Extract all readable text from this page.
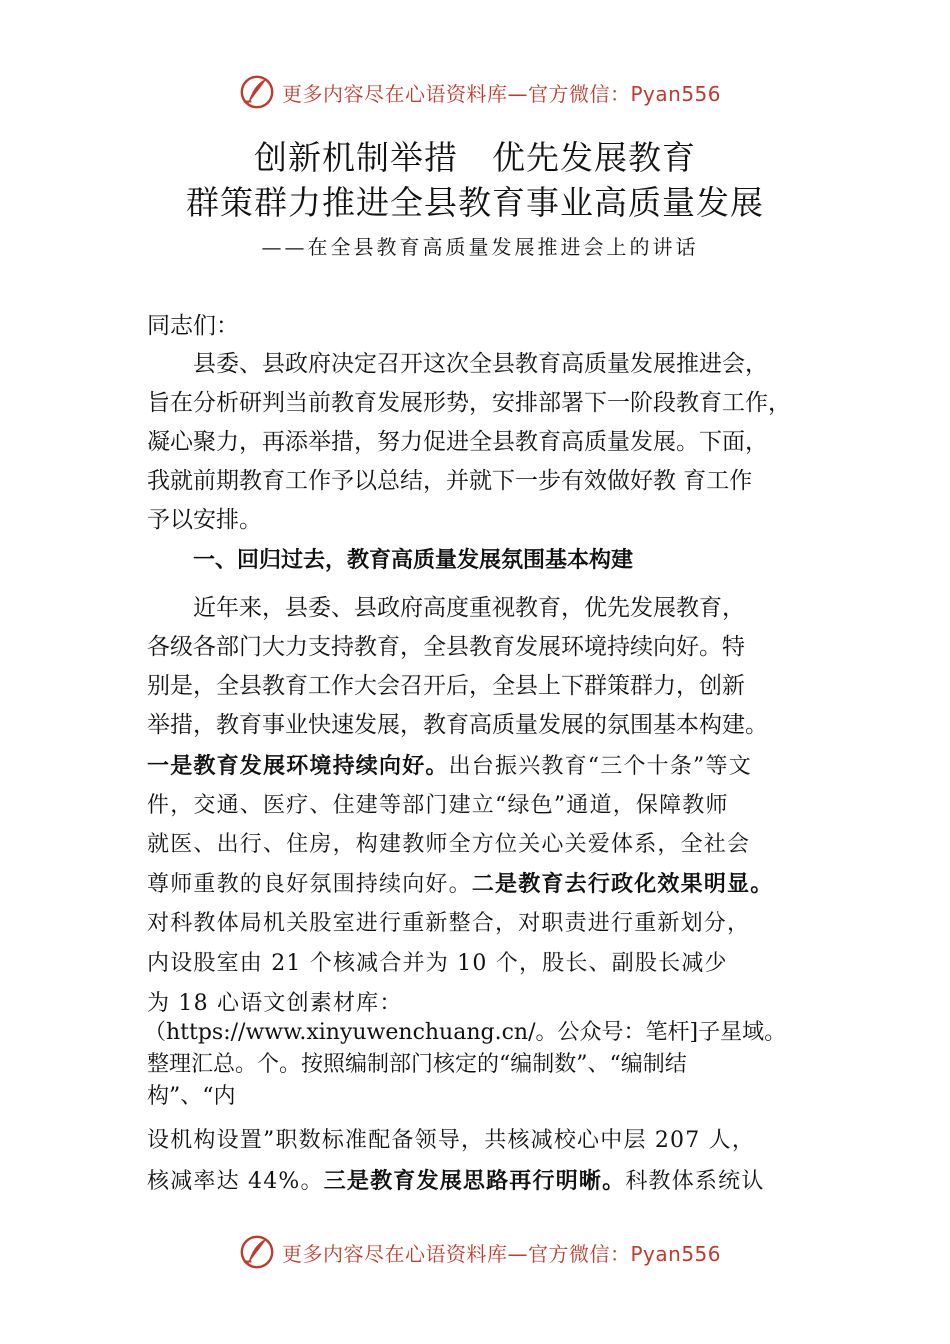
更多内容尽在心语资料库—官方微信：Pyan556
创新机制举措　优先发展教育
群策群力推进全县教育事业高质量发展
——在全县教育高质量发展推进会上的讲话
同志们：
县委、县政府决定召开这次全县教育高质量发展推进会，
旨在分析研判当前教育发展形势，安排部署下一阶段教育工作，
凝心聚力，再添举措，努力促进全县教育高质量发展。下面，
我就前期教育工作予以总结，并就下一步有效做好教 育工作
予以安排。
一、回归过去，教育高质量发展氛围基本构建
近年来，县委、县政府高度重视教育，优先发展教育，
各级各部门大力支持教育，全县教育发展环境持续向好。特
别是，全县教育工作大会召开后，全县上下群策群力，创新
举措，教育事业快速发展，教育高质量发展的氛围基本构建。
一是教育发展环境持续向好。出台振兴教育“三个十条”等文
件，交通、医疗、住建等部门建立“绿色”通道，保障教师
就医、出行、住房，构建教师全方位关心关爱体系，全社会
尊师重教的良好氛围持续向好。二是教育去行政化效果明显。
对科教体局机关股室进行重新整合，对职责进行重新划分，
内设股室由 21 个核减合并为 10 个，股长、副股长减少
为 18 心语文创素材库：
（https://www.xinyuwenchuang.cn/。公众号：笔杆]子星域。
整理汇总。个。按照编制部门核定的“编制数”、“编制结
构”、“内
设机构设置”职数标准配备领导，共核减校⼼中层 207 人，
核减率达 44%。三是教育发展思路再行明晰。科教体系统认
更多内容尽在心语资料库—官方微信：Pyan556
